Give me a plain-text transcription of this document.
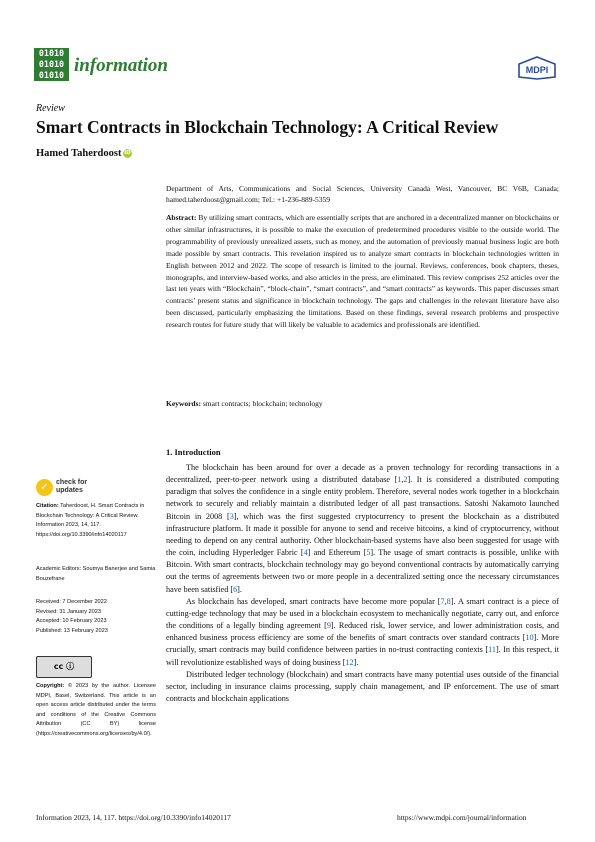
01010
01010
01010 information	MDPI
Review
Smart Contracts in Blockchain Technology: A Critical Review
Hamed Taherdoost iD
Department of Arts, Communications and Social Sciences, University Canada West, Vancouver, BC V6B, Canada; hamed.taherdoost@gmail.com; Tel.: +1-236-889-5359
Abstract: By utilizing smart contracts, which are essentially scripts that are anchored in a decentralized manner on blockchains or other similar infrastructures, it is possible to make the execution of predetermined procedures visible to the outside world. The programmability of previously unrealized assets, such as money, and the automation of previously manual business logic are both made possible by smart contracts. This revelation inspired us to analyze smart contracts in blockchain technologies written in English between 2012 and 2022. The scope of research is limited to the journal. Reviews, conferences, book chapters, theses, monographs, and interview-based works, and also articles in the press, are eliminated. This review comprises 252 articles over the last ten years with “Blockchain”, “block-chain”, “smart contracts”, and “smart contracts” as keywords. This paper discusses smart contracts’ present status and significance in blockchain technology. The gaps and challenges in the relevant literature have also been discussed, particularly emphasizing the limitations. Based on these findings, several research problems and prospective research routes for future study that will likely be valuable to academics and professionals are identified.
Keywords: smart contracts; blockchain; technology
1. Introduction

The blockchain has been around for over a decade as a proven technology for recording transactions in a decentralized, peer-to-peer network using a distributed database [1,2]. It is considered a distributed computing paradigm that solves the confidence in a single entity problem. Therefore, several nodes work together in a blockchain network to securely and reliably maintain a distributed ledger of all past transactions. Satoshi Nakamoto launched Bitcoin in 2008 [3], which was the first suggested cryptocurrency to present the blockchain as a distributed infrastructure platform. It made it possible for anyone to send and receive bitcoins, a kind of cryptocurrency, without needing to depend on any central authority. Other blockchain-based systems have also been suggested for usage with the coin, including Hyperledger Fabric [4] and Ethereum [5]. The usage of smart contracts is possible, unlike with Bitcoin. With smart contracts, blockchain technology may go beyond conventional contracts by automatically carrying out the terms of agreements between two or more people in a decentralized setting once the necessary circumstances have been satisfied [6].

As blockchain has developed, smart contracts have become more popular [7,8]. A smart contract is a piece of cutting-edge technology that may be used in a blockchain ecosystem to mechanically negotiate, carry out, and enforce the conditions of a legally binding agreement [9]. Reduced risk, lower service, and lower administration costs, and enhanced business process efficiency are some of the benefits of smart contracts over standard contracts [10]. More crucially, smart contracts may build confidence between parties in no-trust contracting contexts [11]. In this respect, it will revolutionize established ways of doing business [12].

Distributed ledger technology (blockchain) and smart contracts have many potential uses outside of the financial sector, including in insurance claims processing, supply chain management, and IP enforcement. The use of smart contracts and blockchain applications

✓	check for
updates
Citation: Taherdoost, H. Smart Contracts in Blockchain Technology: A Critical Review. Information 2023, 14, 117. https://doi.org/10.3390/info14020117
Academic Editors: Soumya Banerjee and Samia Bouzefrane
Received: 7 December 2022
Revised: 31 January 2023
Accepted: 10 February 2023
Published: 13 February 2023
cc ⓘ
Copyright: © 2023 by the author. Licensee MDPI, Basel, Switzerland. This article is an open access article distributed under the terms and conditions of the Creative Commons Attribution (CC BY) license (https://creativecommons.org/licenses/by/4.0/).
Information 2023, 14, 117. https://doi.org/10.3390/info14020117	https://www.mdpi.com/journal/information
